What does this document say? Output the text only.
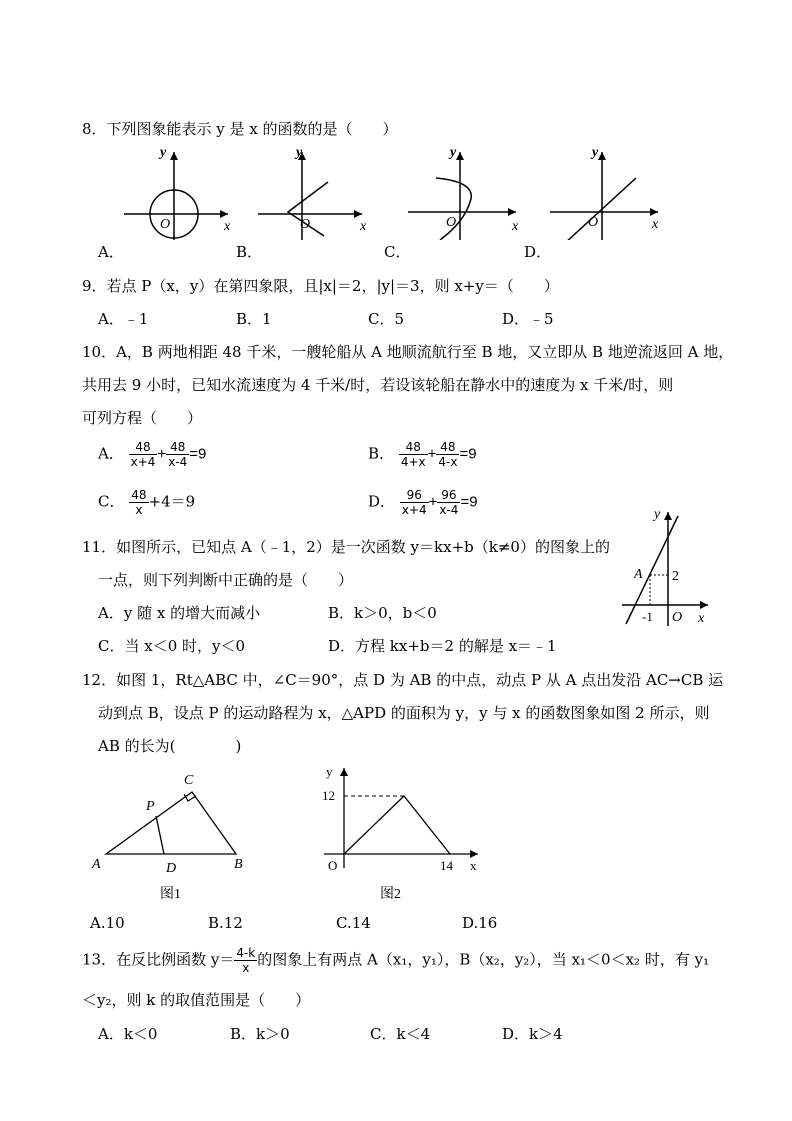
8．下列图象能表示 y 是 x 的函数的是（　　）
y
x
O
y
x
O
y
x
O
y
x
O
A．	B．	C．	D．
9．若点 P（x，y）在第四象限，且|x|＝2，|y|＝3，则 x+y＝（　　）
A．﹣1	B．1	C．5	D．﹣5
10．A，B 两地相距 48 千米，一艘轮船从 A 地顺流航行至 B 地，又立即从 B 地逆流返回 A 地，
共用去 9 小时，已知水流速度为 4 千米/时，若设该轮船在静水中的速度为 x 千米/时，则
可列方程（　　）
A． $\frac{48}{x+4} + \frac{48}{x-4} =9$	B． $\frac{48}{4+x} + \frac{48}{4-x} =9$
C． $\frac{48}{x} +4=9$	D． $\frac{96}{x+4} + \frac{96}{x-4} =9$
11．如图所示，已知点 A（﹣1，2）是一次函数 y＝kx+b（k≠0）的图象上的
一点，则下列判断中正确的是（　　）
A．y 随 x 的增大而减小	B．k＞0，b＜0
C．当 x＜0 时，y＜0	D．方程 kx+b＝2 的解是 x＝﹣1
y
x
A 2
-1 O
12．如图 1，Rt△ABC 中，∠C＝90°，点 D 为 AB 的中点，动点 P 从 A 点出发沿 AC→CB 运
动到点 B，设点 P 的运动路程为 x，△APD 的面积为 y，y 与 x 的函数图象如图 2 所示，则
AB 的长为(　　　　)
A	B
C
D
P
图1
y
x
O
12
14
图2
A.10	B.12	C.14	D.16
13．在反比例函数 $y= \frac{4-k}{x}$ 的图象上有两点 A（x₁，y₁），B（x₂，y₂），当 x₁＜0＜x₂ 时，有 y₁
＜y₂，则 k 的取值范围是（　　）
A．k＜0	B．k＞0	C．k＜4	D．k＞4
